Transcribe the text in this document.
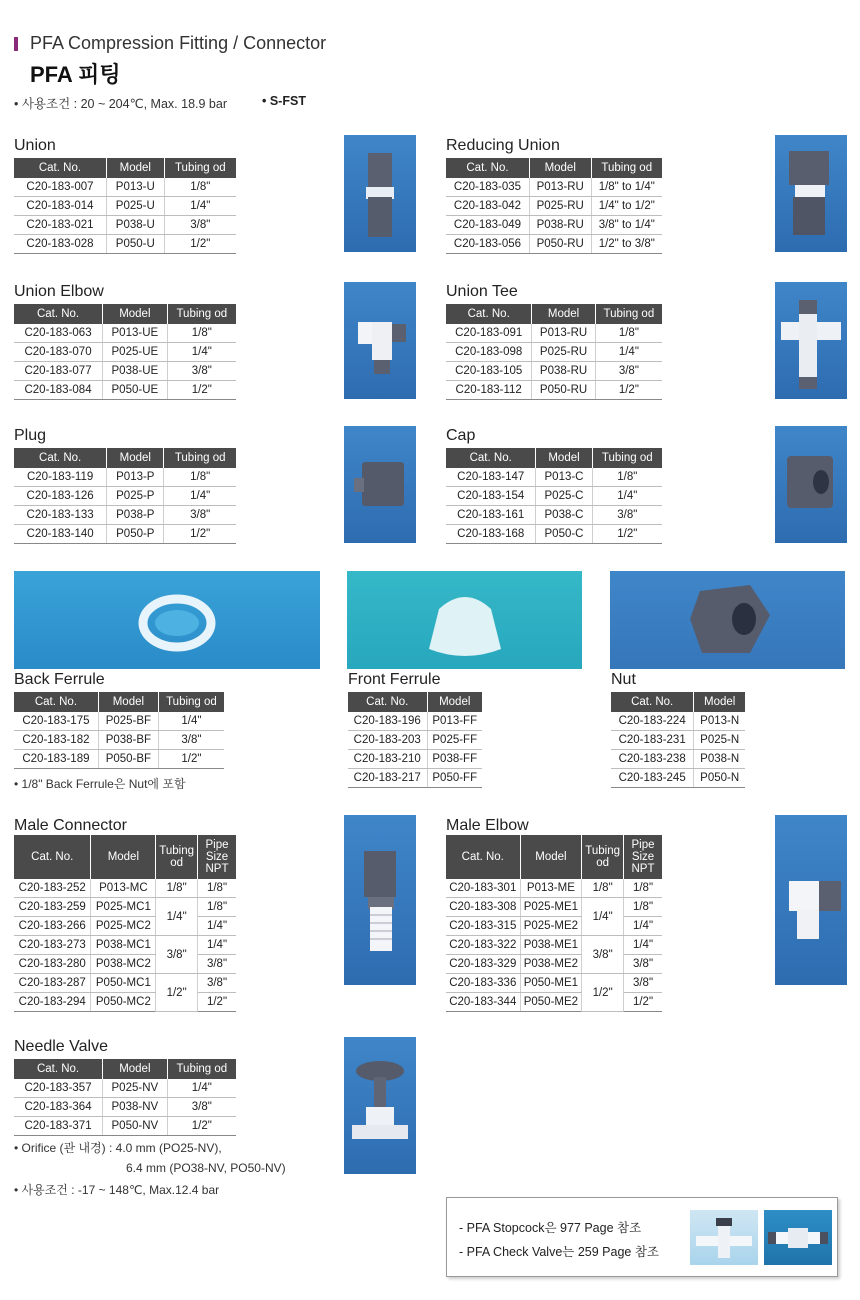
PFA Compression Fitting / Connector
PFA 피팅
• 사용조건 : 20 ~ 204℃, Max. 18.9 bar	• S-FST
Union	Reducing Union
Union Elbow	Union Tee
Plug	Cap
Back Ferrule	Front Ferrule	Nut
Male Connector	Male Elbow
Needle Valve
Cat. No.	Model	Tubing od
C20-183-007	P013-U	1/8"
C20-183-014	P025-U	1/4"
C20-183-021	P038-U	3/8"
C20-183-028	P050-U	1/2"
Cat. No.	Model	Tubing od
C20-183-035	P013-RU	1/8" to 1/4"
C20-183-042	P025-RU	1/4" to 1/2"
C20-183-049	P038-RU	3/8" to 1/4"
C20-183-056	P050-RU	1/2" to 3/8"
Cat. No.	Model	Tubing od
C20-183-063	P013-UE	1/8"
C20-183-070	P025-UE	1/4"
C20-183-077	P038-UE	3/8"
C20-183-084	P050-UE	1/2"
Cat. No.	Model	Tubing od
C20-183-091	P013-RU	1/8"
C20-183-098	P025-RU	1/4"
C20-183-105	P038-RU	3/8"
C20-183-112	P050-RU	1/2"
Cat. No.	Model	Tubing od
C20-183-119	P013-P	1/8"
C20-183-126	P025-P	1/4"
C20-183-133	P038-P	3/8"
C20-183-140	P050-P	1/2"
Cat. No.	Model	Tubing od
C20-183-147	P013-C	1/8"
C20-183-154	P025-C	1/4"
C20-183-161	P038-C	3/8"
C20-183-168	P050-C	1/2"
Cat. No.	Model	Tubing od
C20-183-175	P025-BF	1/4"
C20-183-182	P038-BF	3/8"
C20-183-189	P050-BF	1/2"
Cat. No.	Model
C20-183-196	P013-FF
C20-183-203	P025-FF
C20-183-210	P038-FF
C20-183-217	P050-FF
Cat. No.	Model
C20-183-224	P013-N
C20-183-231	P025-N
C20-183-238	P038-N
C20-183-245	P050-N
Cat. No.	Model	Tubing od	Pipe Size NPT
C20-183-252	P013-MC	1/8"	1/8"
C20-183-259	P025-MC1	1/4"	1/8"
C20-183-266	P025-MC2		1/4"
C20-183-273	P038-MC1	3/8"	1/4"
C20-183-280	P038-MC2		3/8"
C20-183-287	P050-MC1	1/2"	3/8"
C20-183-294	P050-MC2		1/2"
Cat. No.	Model	Tubing od	Pipe Size NPT
C20-183-301	P013-ME	1/8"	1/8"
C20-183-308	P025-ME1	1/4"	1/8"
C20-183-315	P025-ME2		1/4"
C20-183-322	P038-ME1	3/8"	1/4"
C20-183-329	P038-ME2		3/8"
C20-183-336	P050-ME1	1/2"	3/8"
C20-183-344	P050-ME2		1/2"
Cat. No.	Model	Tubing od
C20-183-357	P025-NV	1/4"
C20-183-364	P038-NV	3/8"
C20-183-371	P050-NV	1/2"
• 1/8" Back Ferrule은 Nut에 포함
• Orifice (관 내경) : 4.0 mm (PO25-NV),
6.4 mm (PO38-NV, PO50-NV)
• 사용조건 : -17 ~ 148℃, Max.12.4 bar
- PFA Stopcock은 977 Page 참조
- PFA Check Valve는 259 Page 참조
